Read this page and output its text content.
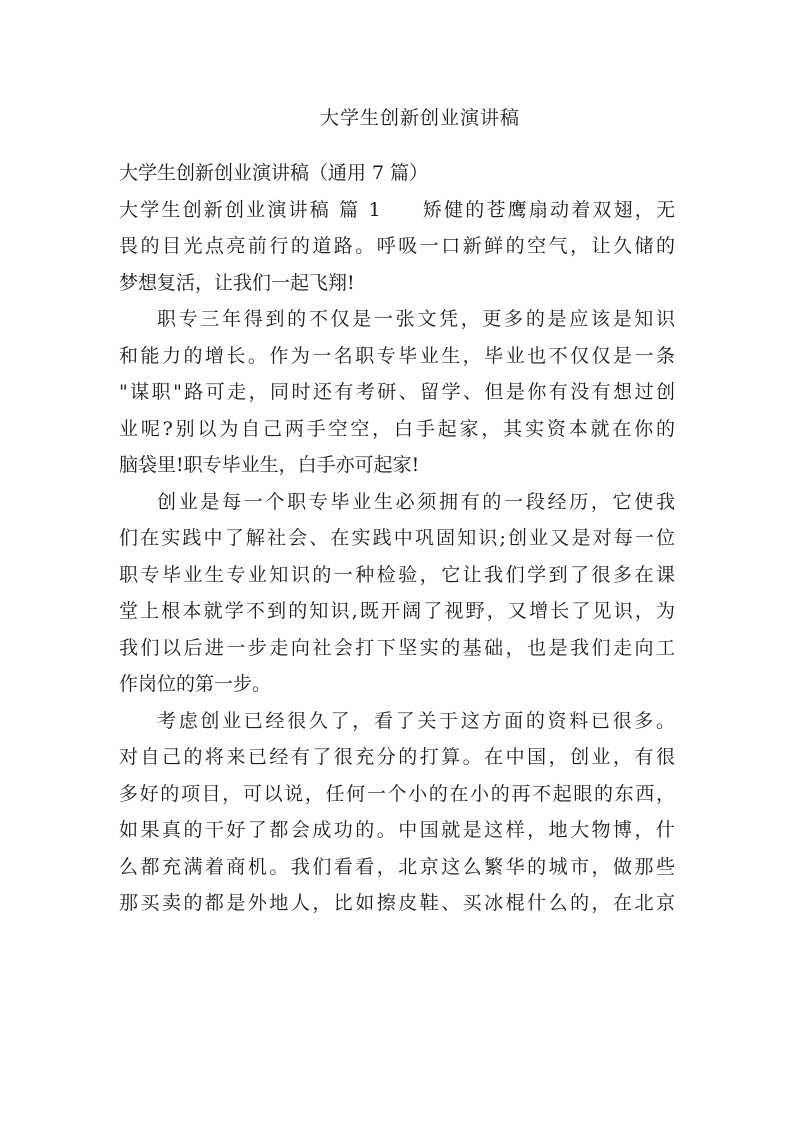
大学生创新创业演讲稿
大学生创新创业演讲稿（通用 7 篇）
大学生创新创业演讲稿 篇 1 矫健的苍鹰扇动着双翅，无
畏的目光点亮前行的道路。呼吸一口新鲜的空气，让久储的
梦想复活，让我们一起飞翔!
职专三年得到的不仅是一张文凭，更多的是应该是知识
和能力的增长。作为一名职专毕业生，毕业也不仅仅是一条
"谋职"路可走，同时还有考研、留学、但是你有没有想过创
业呢?别以为自己两手空空，白手起家，其实资本就在你的
脑袋里!职专毕业生，白手亦可起家!
创业是每一个职专毕业生必须拥有的一段经历，它使我
们在实践中了解社会、在实践中巩固知识;创业又是对每一位
职专毕业生专业知识的一种检验，它让我们学到了很多在课
堂上根本就学不到的知识,既开阔了视野，又增长了见识，为
我们以后进一步走向社会打下坚实的基础，也是我们走向工
作岗位的第一步。
考虑创业已经很久了，看了关于这方面的资料已很多。
对自己的将来已经有了很充分的打算。在中国，创业，有很
多好的项目，可以说，任何一个小的在小的再不起眼的东西，
如果真的干好了都会成功的。中国就是这样，地大物博，什
么都充满着商机。我们看看，北京这么繁华的城市，做那些
那买卖的都是外地人，比如擦皮鞋、买冰棍什么的，在北京
